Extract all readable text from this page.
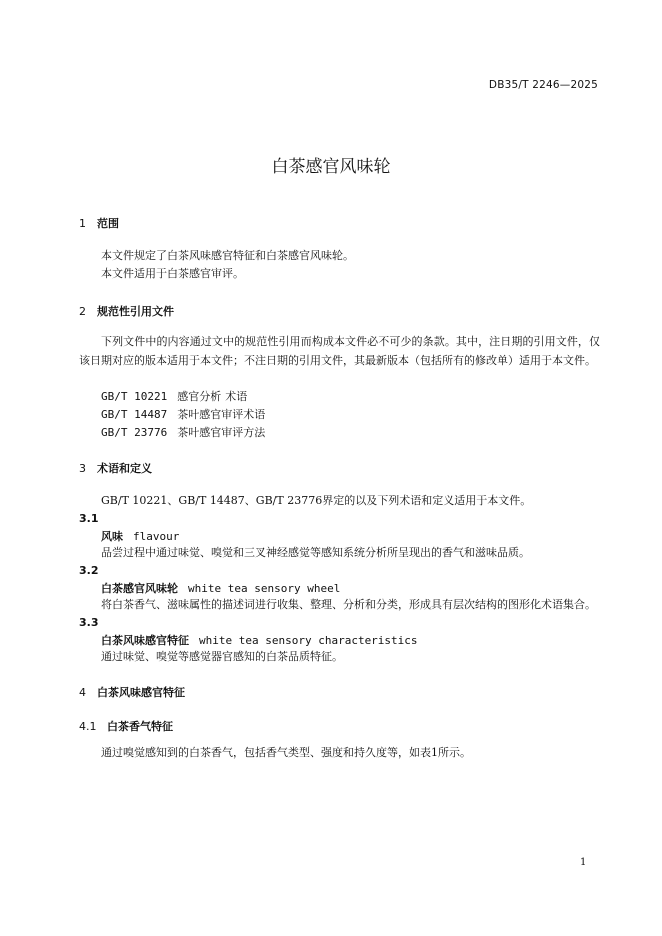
DB35/T 2246—2025
白茶感官风味轮
1 范围
本文件规定了白茶风味感官特征和白茶感官风味轮。
本文件适用于白茶感官审评。
2 规范性引用文件
下列文件中的内容通过文中的规范性引用而构成本文件必不可少的条款。其中，注日期的引用文件，仅该日期对应的版本适用于本文件；不注日期的引用文件，其最新版本（包括所有的修改单）适用于本文件。
GB/T 10221 感官分析 术语
GB/T 14487 茶叶感官审评术语
GB/T 23776 茶叶感官审评方法
3 术语和定义
GB/T 10221、GB/T 14487、GB/T 23776界定的以及下列术语和定义适用于本文件。
3.1
风味 flavour
品尝过程中通过味觉、嗅觉和三叉神经感觉等感知系统分析所呈现出的香气和滋味品质。
3.2
白茶感官风味轮 white tea sensory wheel
将白茶香气、滋味属性的描述词进行收集、整理、分析和分类，形成具有层次结构的图形化术语集合。
3.3
白茶风味感官特征 white tea sensory characteristics
通过味觉、嗅觉等感觉器官感知的白茶品质特征。
4 白茶风味感官特征
4.1 白茶香气特征
通过嗅觉感知到的白茶香气，包括香气类型、强度和持久度等，如表1所示。
1
